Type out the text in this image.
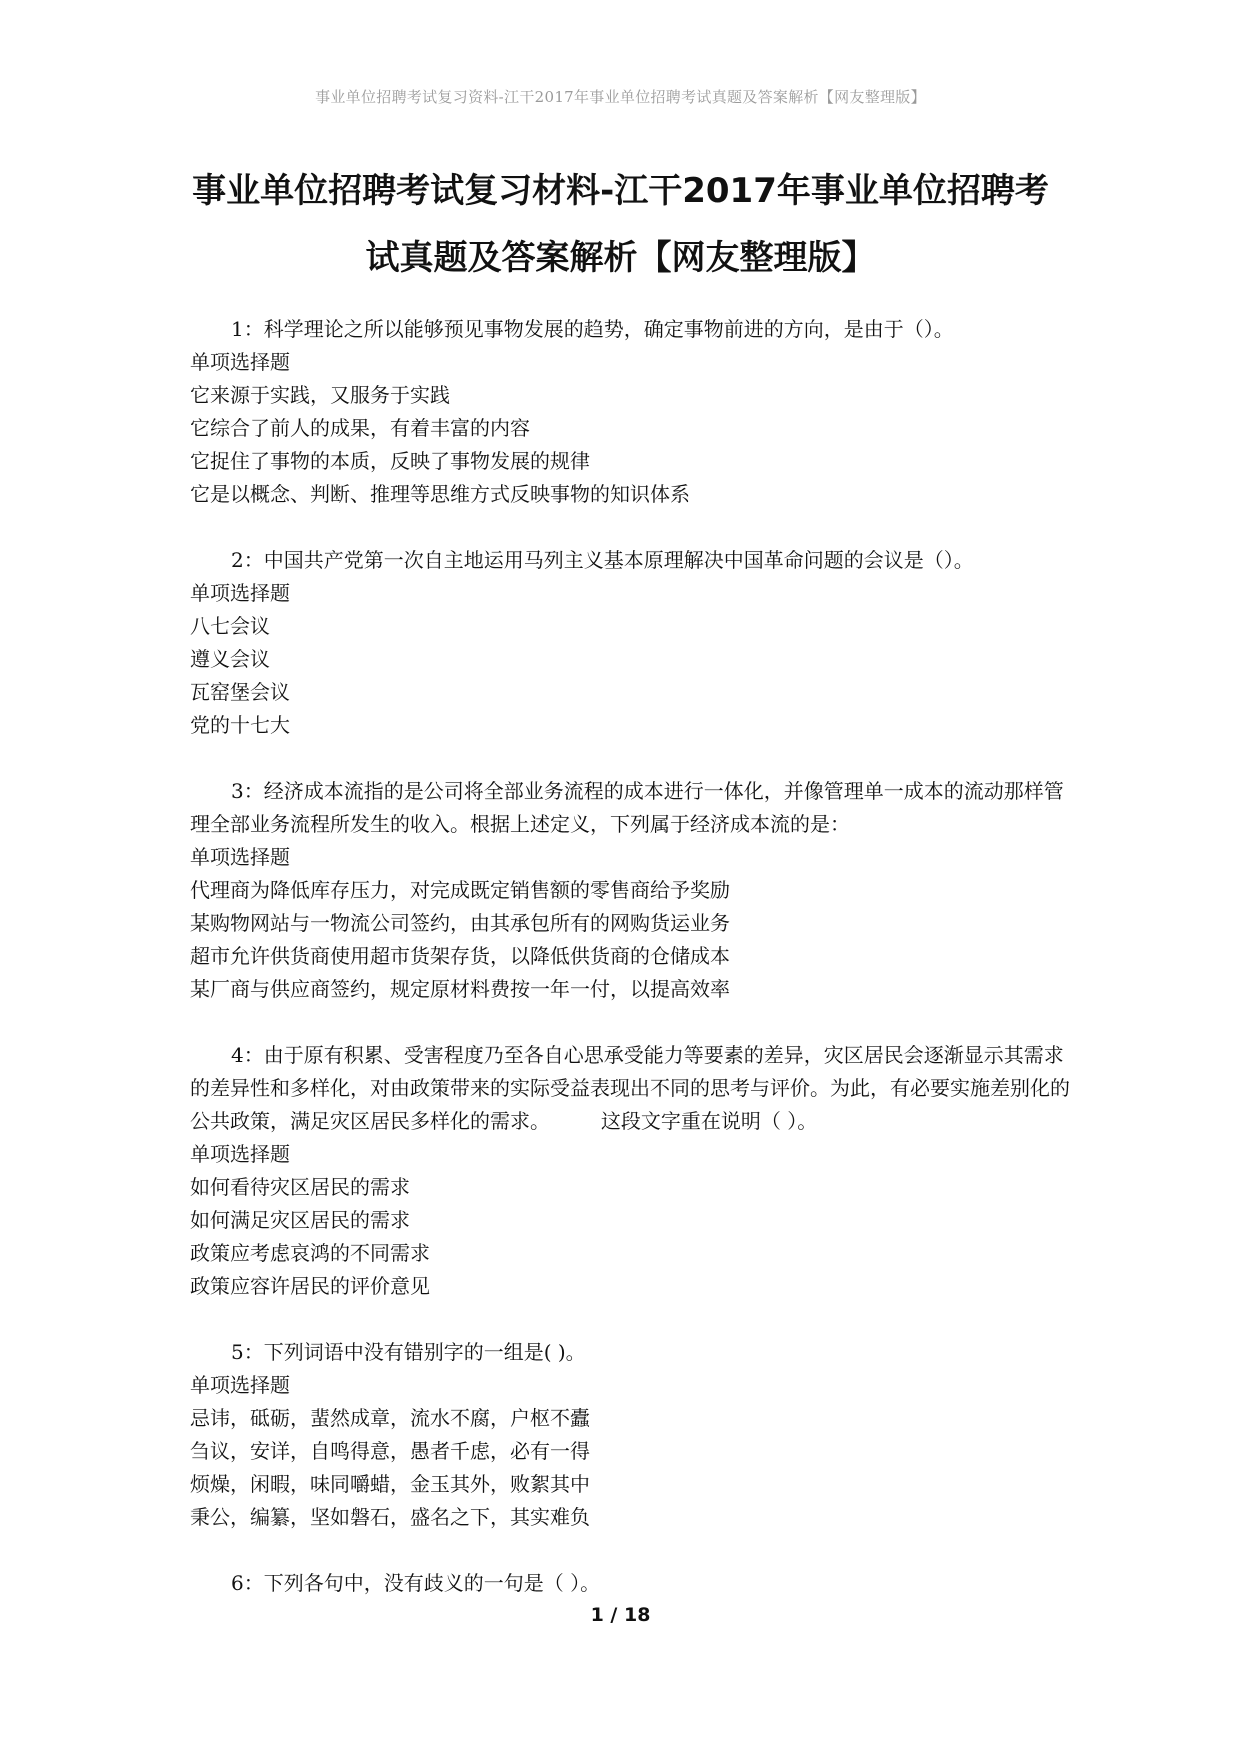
事业单位招聘考试复习资料-江干2017年事业单位招聘考试真题及答案解析【网友整理版】
事业单位招聘考试复习材料-江干2017年事业单位招聘考
试真题及答案解析【网友整理版】

1：科学理论之所以能够预见事物发展的趋势，确定事物前进的方向，是由于（）。

单项选择题

它来源于实践，又服务于实践

它综合了前人的成果，有着丰富的内容

它捉住了事物的本质，反映了事物发展的规律

它是以概念、判断、推理等思维方式反映事物的知识体系

2：中国共产党第一次自主地运用马列主义基本原理解决中国革命问题的会议是（）。

单项选择题

八七会议

遵义会议

瓦窑堡会议

党的十七大

3：经济成本流指的是公司将全部业务流程的成本进行一体化，并像管理单一成本的流动那样管理全部业务流程所发生的收入。根据上述定义，下列属于经济成本流的是：

单项选择题

代理商为降低库存压力，对完成既定销售额的零售商给予奖励

某购物网站与一物流公司签约，由其承包所有的网购货运业务

超市允许供货商使用超市货架存货，以降低供货商的仓储成本

某厂商与供应商签约，规定原材料费按一年一付，以提高效率

4：由于原有积累、受害程度乃至各自心思承受能力等要素的差异，灾区居民会逐渐显示其需求的差异性和多样化，对由政策带来的实际受益表现出不同的思考与评价。为此，有必要实施差别化的公共政策，满足灾区居民多样化的需求。        这段文字重在说明（ ）。

单项选择题

如何看待灾区居民的需求

如何满足灾区居民的需求

政策应考虑哀鸿的不同需求

政策应容许居民的评价意见

5：下列词语中没有错别字的一组是( )。

单项选择题

忌讳，砥砺，蜚然成章，流水不腐，户枢不蠹

刍议，安详，自鸣得意，愚者千虑，必有一得

烦燥，闲暇，味同嚼蜡，金玉其外，败絮其中

秉公，编纂，坚如磐石，盛名之下，其实难负

6：下列各句中，没有歧义的一句是（ ）。

1 / 18
